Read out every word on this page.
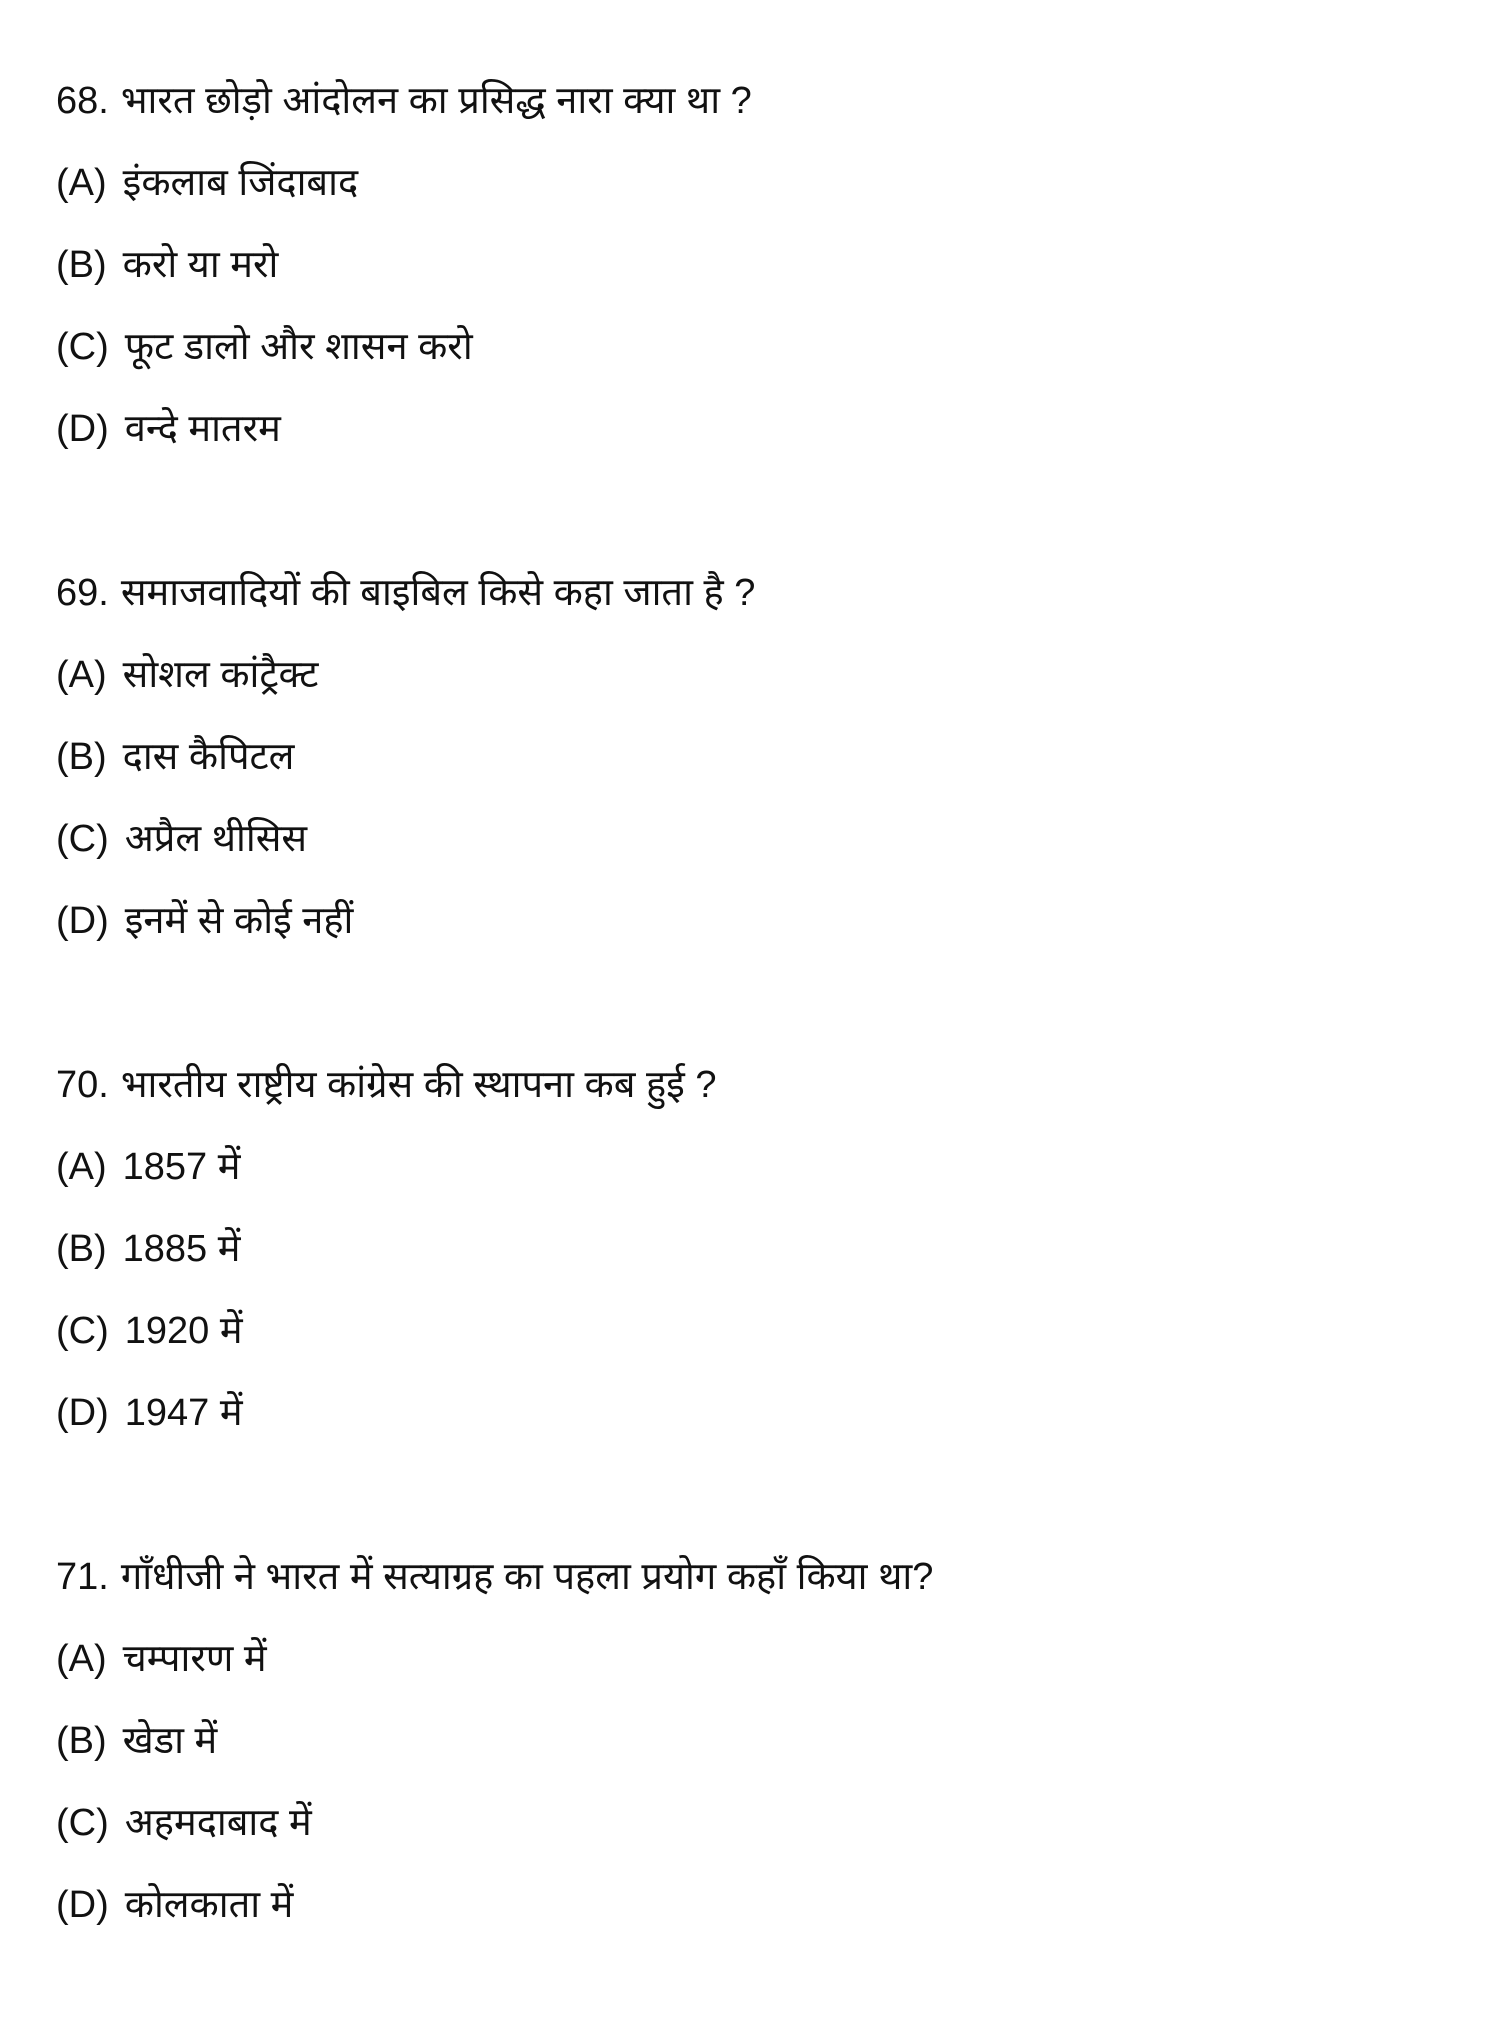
68. भारत छोड़ो आंदोलन का प्रसिद्ध नारा क्या था ?
(A) इंकलाब जिंदाबाद
(B) करो या मरो
(C) फूट डालो और शासन करो
(D) वन्दे मातरम
69. समाजवादियों की बाइबिल किसे कहा जाता है ?
(A) सोशल कांट्रैक्ट
(B) दास कैपिटल
(C) अप्रैल थीसिस
(D) इनमें से कोई नहीं
70. भारतीय राष्ट्रीय कांग्रेस की स्थापना कब हुई ?
(A) 1857 में
(B) 1885 में
(C) 1920 में
(D) 1947 में
71. गाँधीजी ने भारत में सत्याग्रह का पहला प्रयोग कहाँ किया था?
(A) चम्पारण में
(B) खेडा में
(C) अहमदाबाद में
(D) कोलकाता में
